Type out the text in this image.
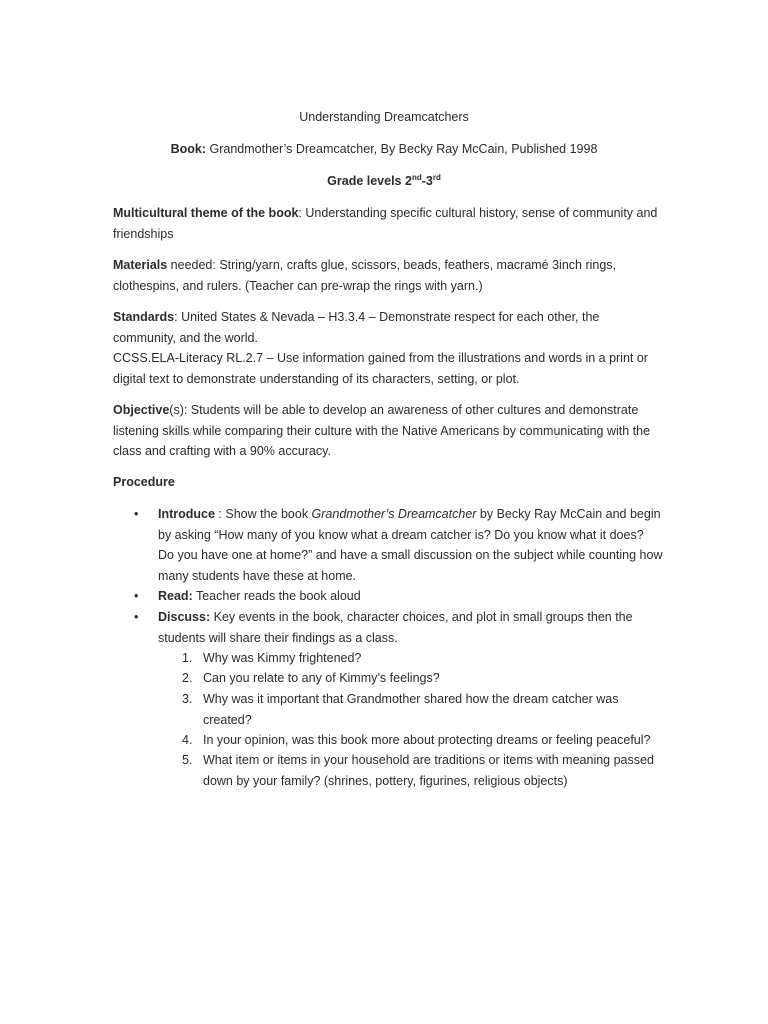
Understanding Dreamcatchers
Book: Grandmother’s Dreamcatcher, By Becky Ray McCain, Published 1998
Grade levels 2nd-3rd
Multicultural theme of the book: Understanding specific cultural history, sense of community and friendships
Materials needed: String/yarn, crafts glue, scissors, beads, feathers, macramé 3inch rings, clothespins, and rulers. (Teacher can pre-wrap the rings with yarn.)
Standards: United States & Nevada – H3.3.4 – Demonstrate respect for each other, the community, and the world.
CCSS.ELA-Literacy RL.2.7 – Use information gained from the illustrations and words in a print or digital text to demonstrate understanding of its characters, setting, or plot.
Objective(s): Students will be able to develop an awareness of other cultures and demonstrate listening skills while comparing their culture with the Native Americans by communicating with the class and crafting with a 90% accuracy.
Procedure
• Introduce : Show the book Grandmother’s Dreamcatcher by Becky Ray McCain and begin by asking “How many of you know what a dream catcher is? Do you know what it does? Do you have one at home?” and have a small discussion on the subject while counting how many students have these at home.
• Read: Teacher reads the book aloud
• Discuss: Key events in the book, character choices, and plot in small groups then the students will share their findings as a class.
1. Why was Kimmy frightened?
2. Can you relate to any of Kimmy’s feelings?
3. Why was it important that Grandmother shared how the dream catcher was created?
4. In your opinion, was this book more about protecting dreams or feeling peaceful?
5. What item or items in your household are traditions or items with meaning passed down by your family? (shrines, pottery, figurines, religious objects)
